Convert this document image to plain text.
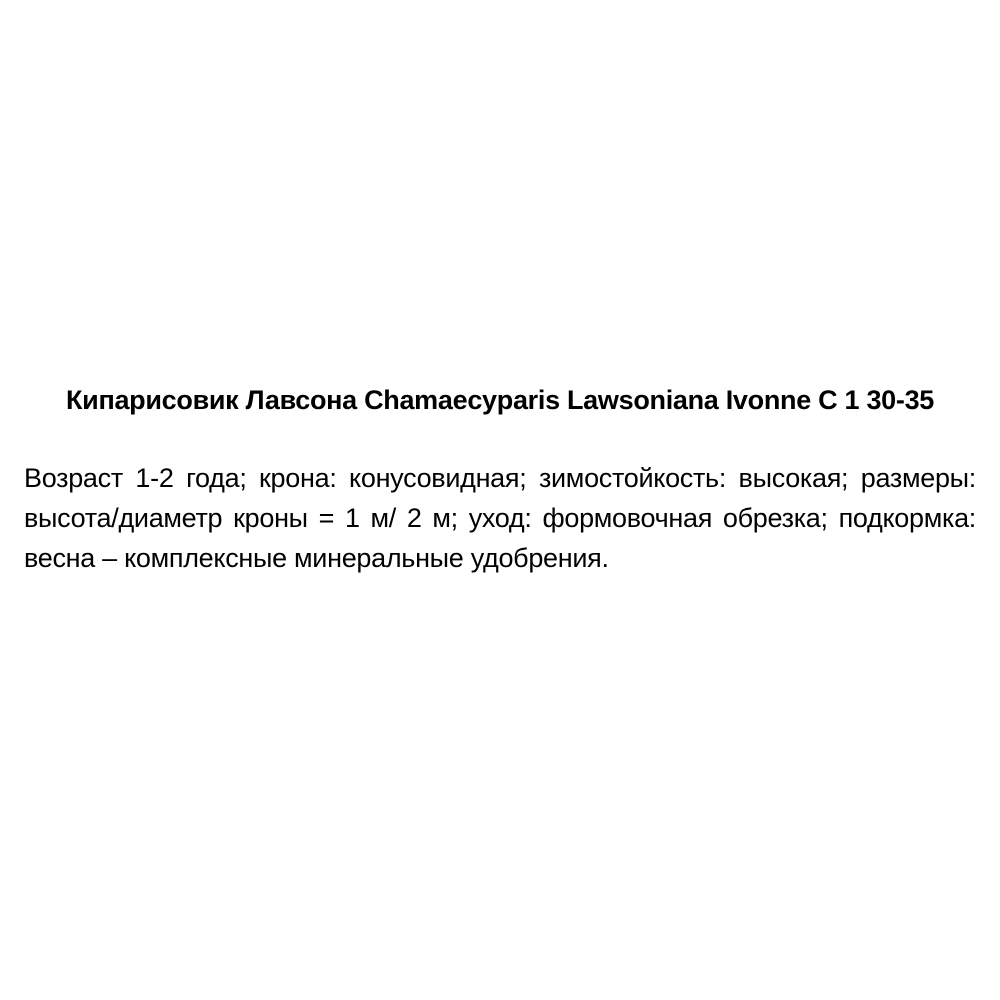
Кипарисовик Лавсона Chamaecyparis Lawsoniana Ivonne C 1 30-35

Возраст 1-2 года; крона: конусовидная; зимостойкость: высокая; размеры: высота/диаметр кроны = 1 м/ 2 м; уход: формовочная обрезка; подкормка: весна – комплексные минеральные удобрения.
